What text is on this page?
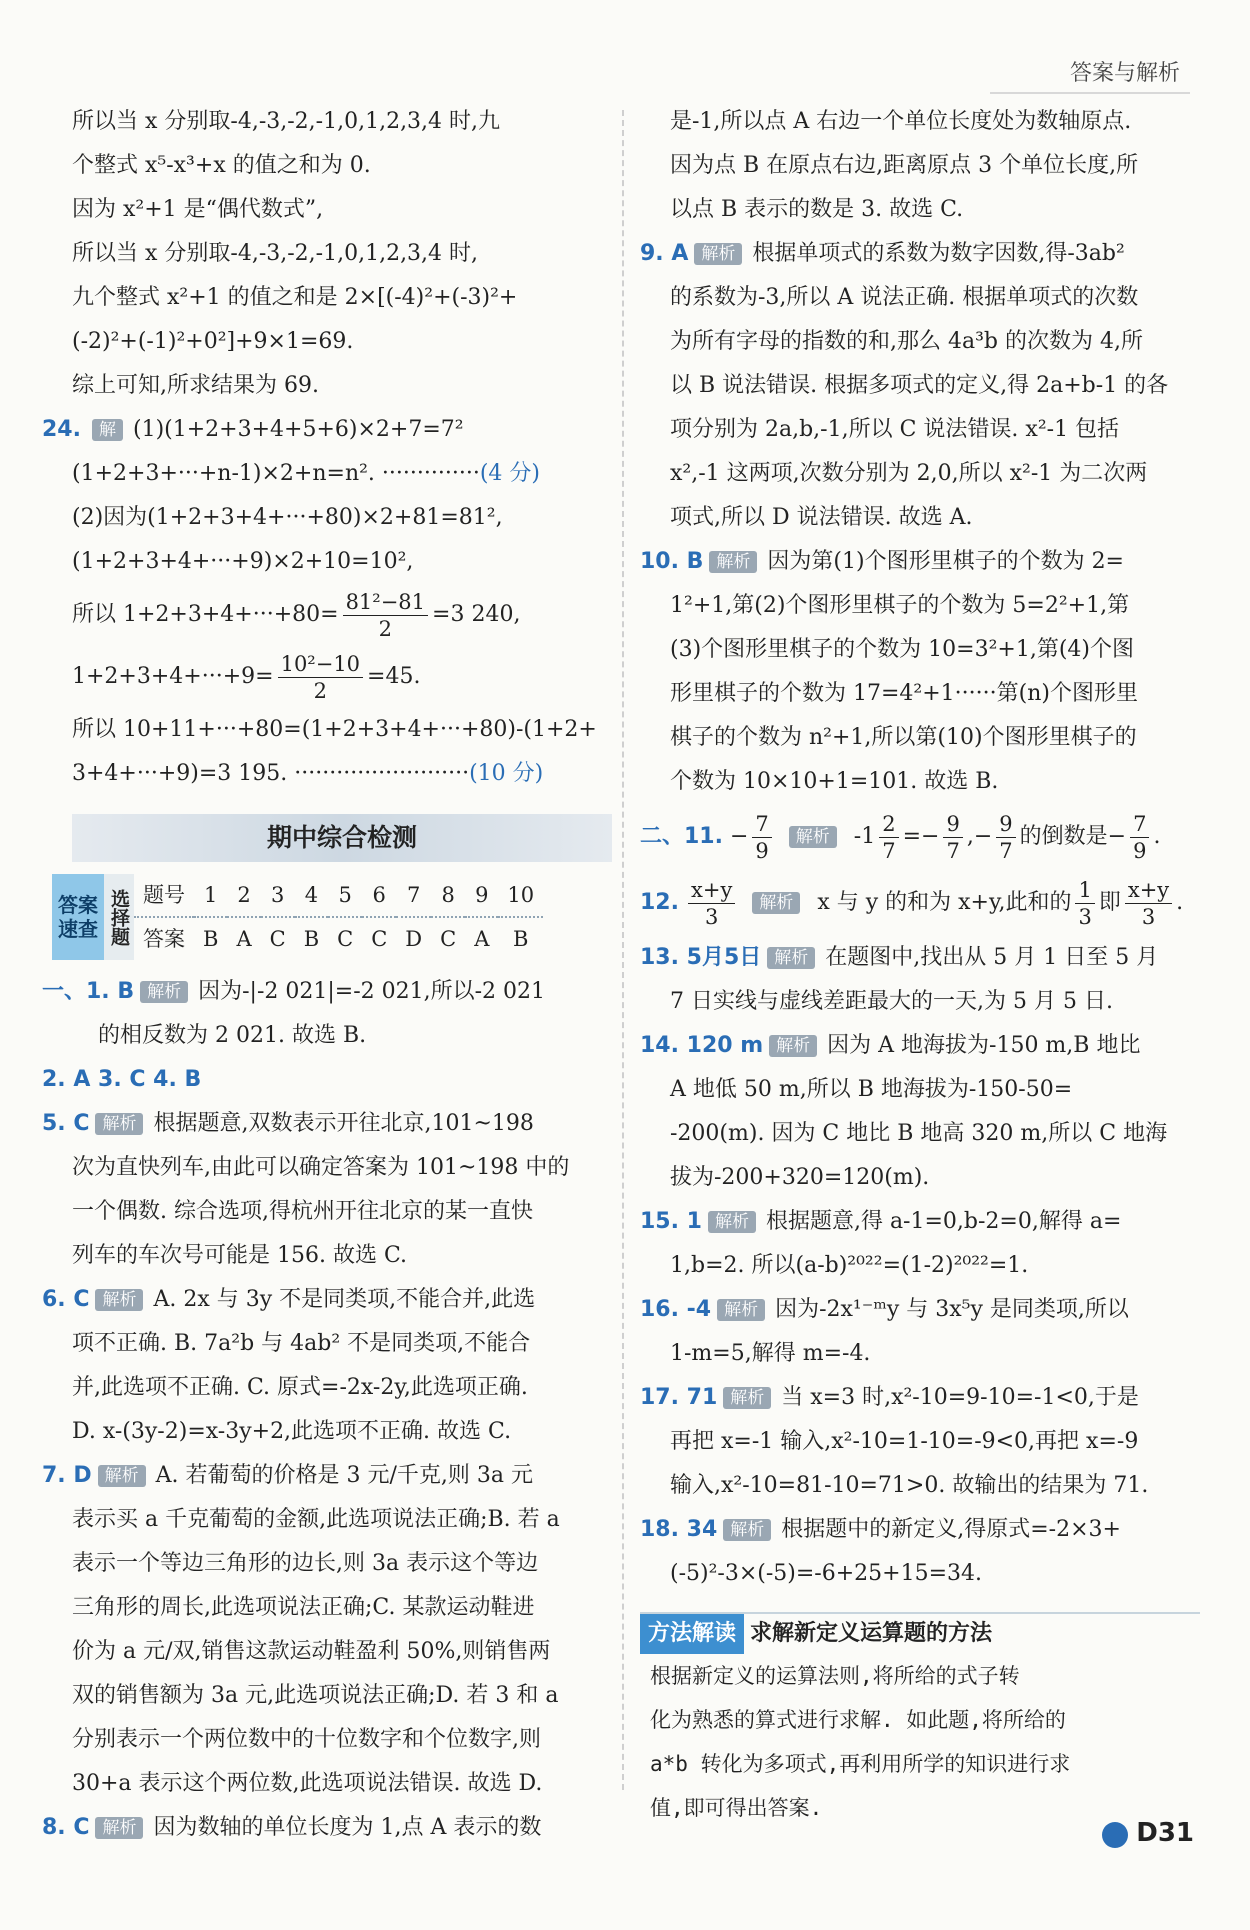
答案与解析
所以当 x 分别取-4,-3,-2,-1,0,1,2,3,4 时,九
个整式 x⁵-x³+x 的值之和为 0.
因为 x²+1 是“偶代数式”,
所以当 x 分别取-4,-3,-2,-1,0,1,2,3,4 时,
九个整式 x²+1 的值之和是 2×[(-4)²+(-3)²+
(-2)²+(-1)²+0²]+9×1=69.
综上可知,所求结果为 69.
24. 解 (1)(1+2+3+4+5+6)×2+7=7²
(1+2+3+···+n-1)×2+n=n². ··············(4 分)
(2)因为(1+2+3+4+···+80)×2+81=81²,
(1+2+3+4+···+9)×2+10=10²,
所以 $1+2+3+4+\cdot\cdot\cdot+80= \frac{\text{81²−81}}{2} =3$ 240,
$1+2+3+4+\cdot\cdot\cdot+9= \frac{\text{10²−10}}{2} =45$.
所以 10+11+···+80=(1+2+3+4+···+80)-(1+2+
3+4+···+9)=3 195. ·························(10 分)
期中综合检测
答案
速查	选择题	题号	1	2	3	4	5	6	7	8	9	10
		答案	B	A	C	B	C	C	D	C	A	B
一、1. B 解析 因为-|-2 021|=-2 021,所以-2 021
的相反数为 2 021. 故选 B.
2. A 3. C 4. B
5. C 解析 根据题意,双数表示开往北京,101~198
次为直快列车,由此可以确定答案为 101~198 中的
一个偶数. 综合选项,得杭州开往北京的某一直快
列车的车次号可能是 156. 故选 C.
6. C 解析 A. 2x 与 3y 不是同类项,不能合并,此选
项不正确. B. 7a²b 与 4ab² 不是同类项,不能合
并,此选项不正确. C. 原式=-2x-2y,此选项正确.
D. x-(3y-2)=x-3y+2,此选项不正确. 故选 C.
7. D 解析 A. 若葡萄的价格是 3 元/千克,则 3a 元
表示买 a 千克葡萄的金额,此选项说法正确;B. 若 a
表示一个等边三角形的边长,则 3a 表示这个等边
三角形的周长,此选项说法正确;C. 某款运动鞋进
价为 a 元/双,销售这款运动鞋盈利 50%,则销售两
双的销售额为 3a 元,此选项说法正确;D. 若 3 和 a
分别表示一个两位数中的十位数字和个位数字,则
30+a 表示这个两位数,此选项说法错误. 故选 D.
8. C 解析 因为数轴的单位长度为 1,点 A 表示的数
是-1,所以点 A 右边一个单位长度处为数轴原点.
因为点 B 在原点右边,距离原点 3 个单位长度,所
以点 B 表示的数是 3. 故选 C.
9. A 解析 根据单项式的系数为数字因数,得-3ab²
的系数为-3,所以 A 说法正确. 根据单项式的次数
为所有字母的指数的和,那么 4a³b 的次数为 4,所
以 B 说法错误. 根据多项式的定义,得 2a+b-1 的各
项分别为 2a,b,-1,所以 C 说法错误. x²-1 包括
x²,-1 这两项,次数分别为 2,0,所以 x²-1 为二次两
项式,所以 D 说法错误. 故选 A.
10. B 解析 因为第(1)个图形里棋子的个数为 2=
1²+1,第(2)个图形里棋子的个数为 5=2²+1,第
(3)个图形里棋子的个数为 10=3²+1,第(4)个图
形里棋子的个数为 17=4²+1······第(n)个图形里
棋子的个数为 n²+1,所以第(10)个图形里棋子的
个数为 10×10+1=101. 故选 B.
二、11. − $\frac{7}{9}$ 解析 $-1 \frac{2}{7} =- \frac{9}{7}$ ,− $\frac{9}{7}$ 的倒数是− $\frac{7}{9}$ .
12. $\frac{x+y}{3}$ 解析 x 与 y 的和为 x+y,此和的 $\frac{1}{3}$ 即 $\frac{x+y}{3}$ .
13. 5月5日 解析 在题图中,找出从 5 月 1 日至 5 月
7 日实线与虚线差距最大的一天,为 5 月 5 日.
14. 120 m 解析 因为 A 地海拔为-150 m,B 地比
A 地低 50 m,所以 B 地海拔为-150-50=
-200(m). 因为 C 地比 B 地高 320 m,所以 C 地海
拔为-200+320=120(m).
15. 1 解析 根据题意,得 a-1=0,b-2=0,解得 a=
1,b=2. 所以(a-b)²⁰²²=(1-2)²⁰²²=1.
16. -4 解析 因为-2x¹⁻ᵐy 与 3x⁵y 是同类项,所以
1-m=5,解得 m=-4.
17. 71 解析 当 x=3 时,x²-10=9-10=-1<0,于是
再把 x=-1 输入,x²-10=1-10=-9<0,再把 x=-9
输入,x²-10=81-10=71>0. 故输出的结果为 71.
18. 34 解析 根据题中的新定义,得原式=-2×3+
(-5)²-3×(-5)=-6+25+15=34.
方法解读 求解新定义运算题的方法
根据新定义的运算法则,将所给的式子转
化为熟悉的算式进行求解. 如此题,将所给的
a*b 转化为多项式,再利用所学的知识进行求
值,即可得出答案.
D31
